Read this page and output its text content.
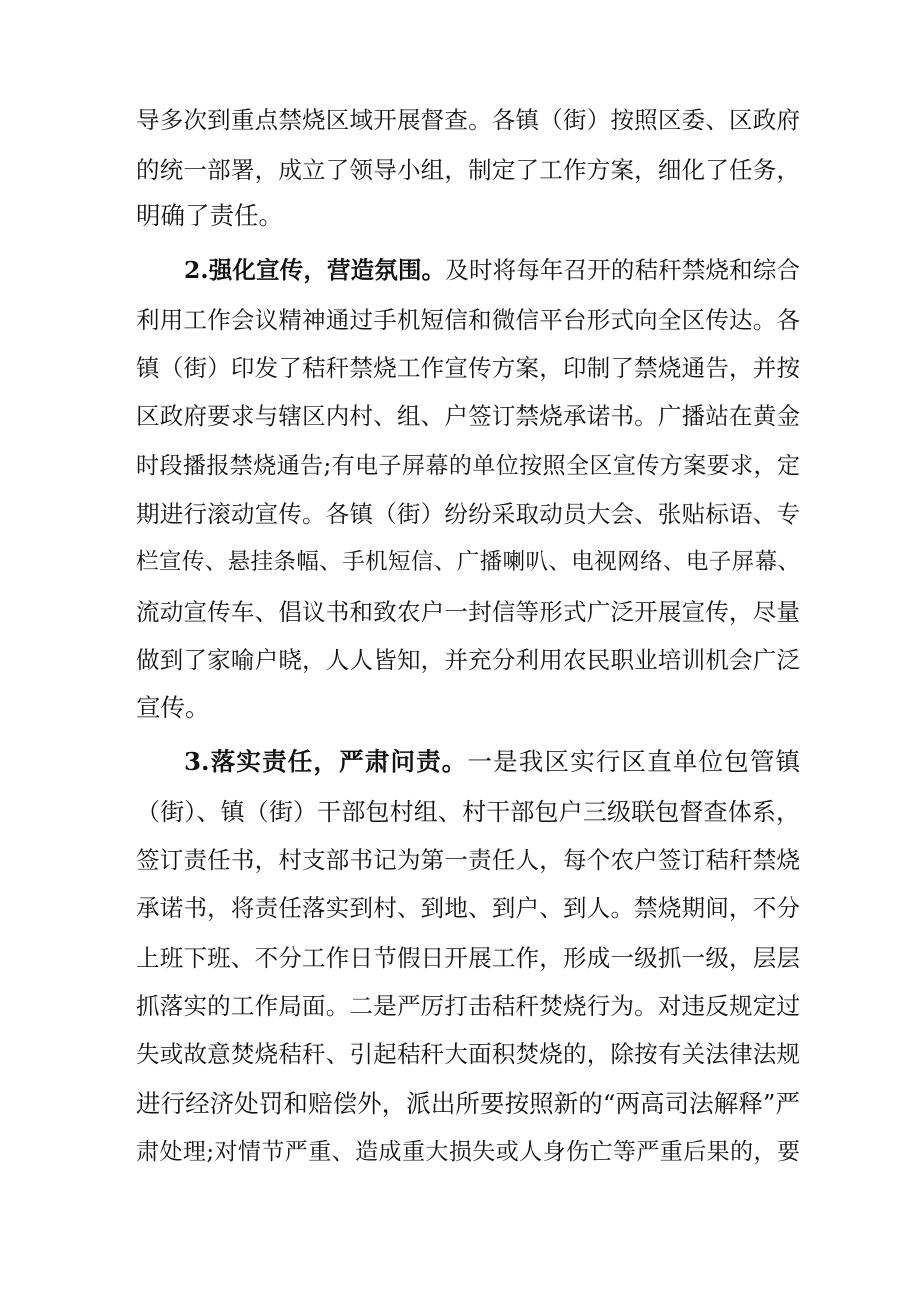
导多次到重点禁烧区域开展督查。各镇（街）按照区委、区政府
的统一部署，成立了领导小组，制定了工作方案，细化了任务，
明确了责任。
2.强化宣传，营造氛围。及时将每年召开的秸秆禁烧和综合
利用工作会议精神通过手机短信和微信平台形式向全区传达。各
镇（街）印发了秸秆禁烧工作宣传方案，印制了禁烧通告，并按
区政府要求与辖区内村、组、户签订禁烧承诺书。广播站在黄金
时段播报禁烧通告;有电子屏幕的单位按照全区宣传方案要求，定
期进行滚动宣传。各镇（街）纷纷采取动员大会、张贴标语、专
栏宣传、悬挂条幅、手机短信、广播喇叭、电视网络、电子屏幕、
流动宣传车、倡议书和致农户一封信等形式广泛开展宣传，尽量
做到了家喻户晓，人人皆知，并充分利用农民职业培训机会广泛
宣传。
3.落实责任，严肃问责。一是我区实行区直单位包管镇
（街）、镇（街）干部包村组、村干部包户三级联包督查体系，
签订责任书，村支部书记为第一责任人，每个农户签订秸秆禁烧
承诺书，将责任落实到村、到地、到户、到人。禁烧期间，不分
上班下班、不分工作日节假日开展工作，形成一级抓一级，层层
抓落实的工作局面。二是严厉打击秸秆焚烧行为。对违反规定过
失或故意焚烧秸秆、引起秸秆大面积焚烧的，除按有关法律法规
进行经济处罚和赔偿外，派出所要按照新的“两高司法解释”严
肃处理;对情节严重、造成重大损失或人身伤亡等严重后果的，要
